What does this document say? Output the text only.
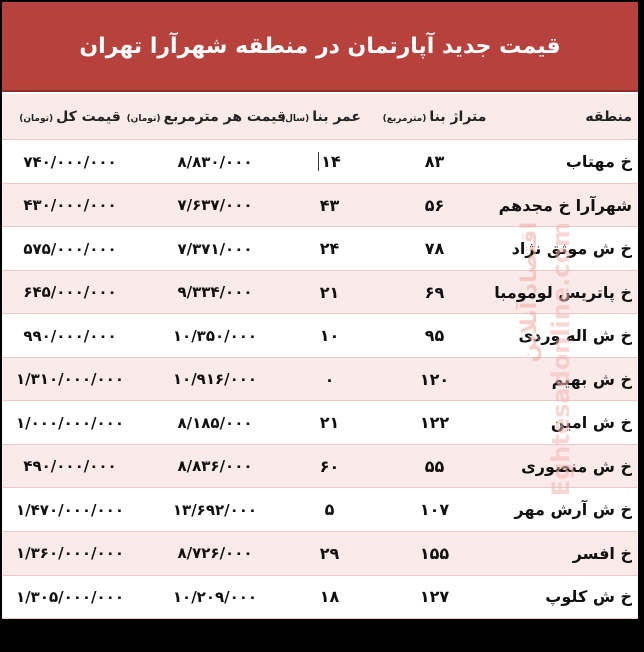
قیمت جدید آپارتمان در منطقه شهرآرا تهران
منطقه
متراژ بنا(مترمربع)
عمر بنا(سال)
قیمت هر مترمربع(تومان)
قیمت کل(تومان)
خ مهتاب
۸۳
۱۴
۸/۸۳۰/۰۰۰
۷۴۰/۰۰۰/۰۰۰
شهرآرا خ مجدهم
۵۶
۴۳
۷/۶۳۷/۰۰۰
۴۳۰/۰۰۰/۰۰۰
خ ش موثق نژاد
۷۸
۲۴
۷/۳۷۱/۰۰۰
۵۷۵/۰۰۰/۰۰۰
خ پاتریس لومومبا
۶۹
۲۱
۹/۳۳۴/۰۰۰
۶۴۵/۰۰۰/۰۰۰
خ ش اله وردی
۹۵
۱۰
۱۰/۳۵۰/۰۰۰
۹۹۰/۰۰۰/۰۰۰
خ ش بهیم
۱۲۰
۰
۱۰/۹۱۶/۰۰۰
۱/۳۱۰/۰۰۰/۰۰۰
خ ش امین
۱۲۲
۲۱
۸/۱۸۵/۰۰۰
۱/۰۰۰/۰۰۰/۰۰۰
خ ش منصوری
۵۵
۶۰
۸/۸۳۶/۰۰۰
۴۹۰/۰۰۰/۰۰۰
خ ش آرش مهر
۱۰۷
۵
۱۳/۶۹۲/۰۰۰
۱/۴۷۰/۰۰۰/۰۰۰
خ افسر
۱۵۵
۲۹
۸/۷۲۶/۰۰۰
۱/۳۶۰/۰۰۰/۰۰۰
خ ش کلوپ
۱۲۷
۱۸
۱۰/۲۰۹/۰۰۰
۱/۳۰۵/۰۰۰/۰۰۰
اقتصاد آنلاین Eghtesadonline.com
